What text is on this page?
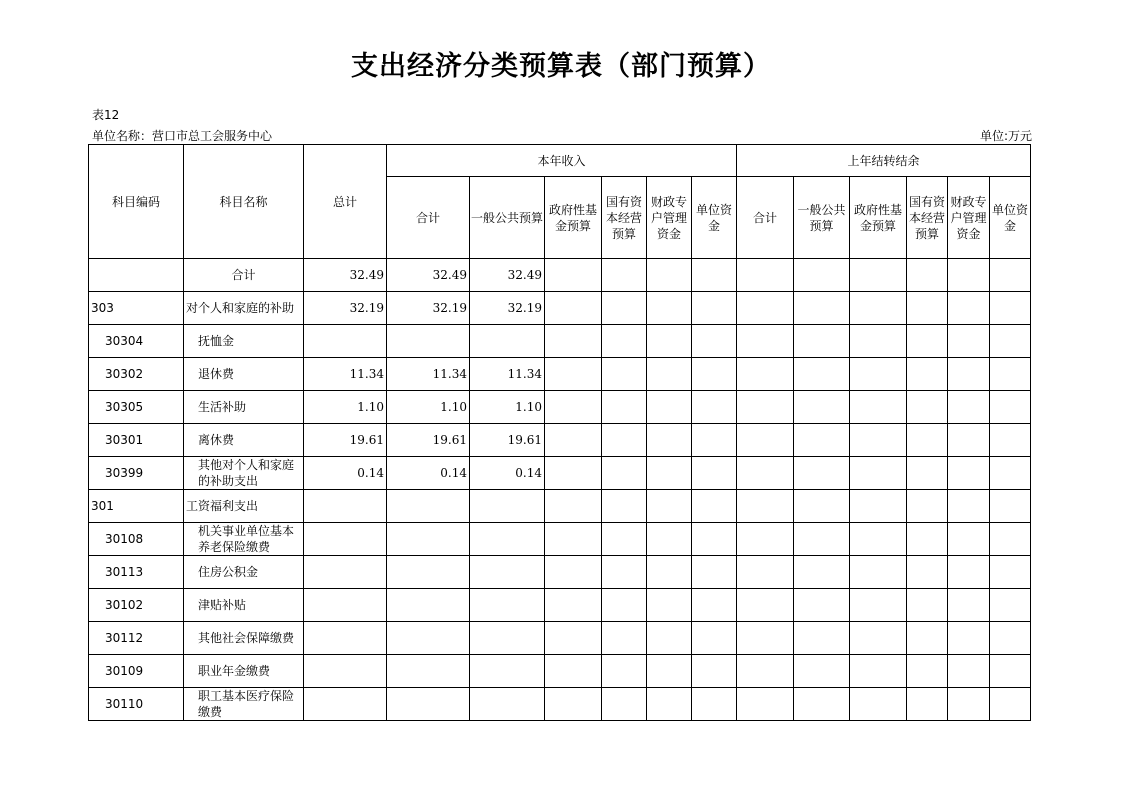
支出经济分类预算表（部门预算）
表12
单位名称：营口市总工会服务中心	单位:万元
科目编码	科目名称	总计	本年收入						上年结转结余					
			合计	一般公共预算	政府性基金预算	国有资本经营预算	财政专户管理资金	单位资金	合计	一般公共预算	政府性基金预算	国有资本经营预算	财政专户管理资金	单位资金
	合计	32.49	32.49	32.49										
303	对个人和家庭的补助	32.19	32.19	32.19										
30304	抚恤金													
30302	退休费	11.34	11.34	11.34										
30305	生活补助	1.10	1.10	1.10										
30301	离休费	19.61	19.61	19.61										
30399	其他对个人和家庭的补助支出	0.14	0.14	0.14										
301	工资福利支出													
30108	机关事业单位基本养老保险缴费													
30113	住房公积金													
30102	津贴补贴													
30112	其他社会保障缴费													
30109	职业年金缴费													
30110	职工基本医疗保险缴费													
